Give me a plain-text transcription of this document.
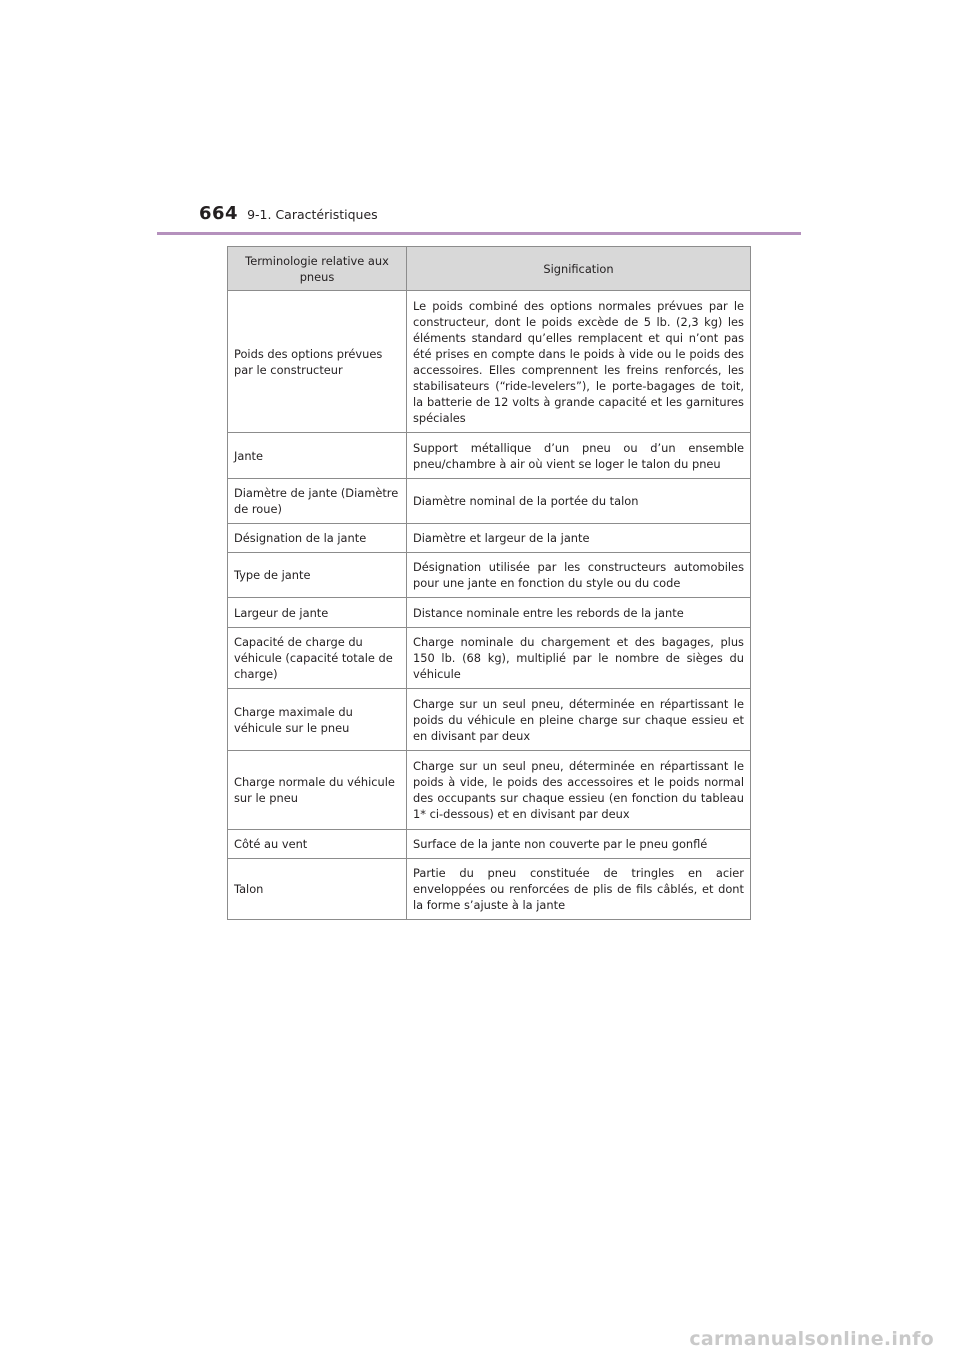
664 9-1. Caractéristiques
Terminologie relative aux pneus	Signification
Poids des options prévues par le constructeur	Le poids combiné des options normales prévues par le constructeur, dont le poids excède de 5 lb. (2,3 kg) les éléments standard qu’elles remplacent et qui n’ont pas été prises en compte dans le poids à vide ou le poids des accessoires. Elles comprennent les freins renforcés, les stabilisateurs (“ride-levelers”), le porte-bagages de toit, la batterie de 12 volts à grande capacité et les garnitures spéciales
Jante	Support métallique d’un pneu ou d’un ensemble pneu/chambre à air où vient se loger le talon du pneu
Diamètre de jante (Diamètre de roue)	Diamètre nominal de la portée du talon
Désignation de la jante	Diamètre et largeur de la jante
Type de jante	Désignation utilisée par les constructeurs automobiles pour une jante en fonction du style ou du code
Largeur de jante	Distance nominale entre les rebords de la jante
Capacité de charge du véhicule (capacité totale de charge)	Charge nominale du chargement et des bagages, plus 150 lb. (68 kg), multiplié par le nombre de sièges du véhicule
Charge maximale du véhicule sur le pneu	Charge sur un seul pneu, déterminée en répartissant le poids du véhicule en pleine charge sur chaque essieu et en divisant par deux
Charge normale du véhicule sur le pneu	Charge sur un seul pneu, déterminée en répartissant le poids à vide, le poids des accessoires et le poids normal des occupants sur chaque essieu (en fonction du tableau 1* ci-dessous) et en divisant par deux
Côté au vent	Surface de la jante non couverte par le pneu gonflé
Talon	Partie du pneu constituée de tringles en acier enveloppées ou renforcées de plis de fils câblés, et dont la forme s’ajuste à la jante
carmanualsonline.info
